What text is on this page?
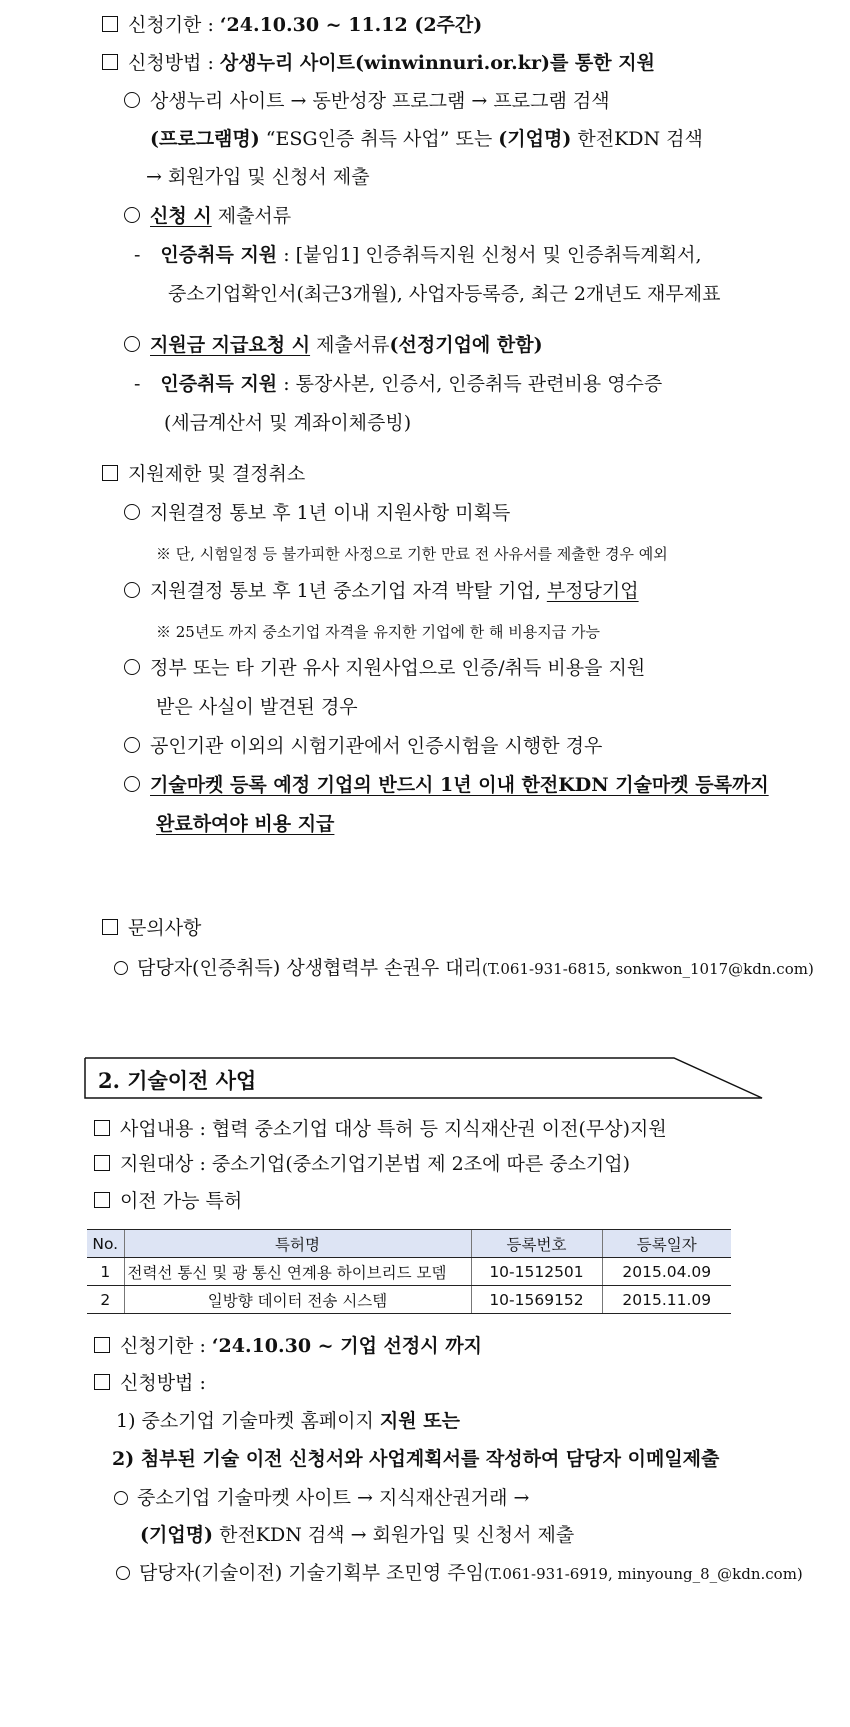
신청기한 : ‘24.10.30 ~ 11.12 (2주간)
신청방법 : 상생누리 사이트(winwinnuri.or.kr)를 통한 지원
상생누리 사이트 → 동반성장 프로그램 → 프로그램 검색
(프로그램명) “ESG인증 취득 사업” 또는 (기업명) 한전KDN 검색
→ 회원가입 및 신청서 제출
신청 시 제출서류
- 인증취득 지원 : [붙임1] 인증취득지원 신청서 및 인증취득계획서,
중소기업확인서(최근3개월), 사업자등록증, 최근 2개년도 재무제표
지원금 지급요청 시 제출서류(선정기업에 한함)
- 인증취득 지원 : 통장사본, 인증서, 인증취득 관련비용 영수증
(세금계산서 및 계좌이체증빙)
지원제한 및 결정취소
지원결정 통보 후 1년 이내 지원사항 미획득
※ 단, 시험일정 등 불가피한 사정으로 기한 만료 전 사유서를 제출한 경우 예외
지원결정 통보 후 1년 중소기업 자격 박탈 기업, 부정당기업
※ 25년도 까지 중소기업 자격을 유지한 기업에 한 해 비용지급 가능
정부 또는 타 기관 유사 지원사업으로 인증/취득 비용을 지원
받은 사실이 발견된 경우
공인기관 이외의 시험기관에서 인증시험을 시행한 경우
기술마켓 등록 예정 기업의 반드시 1년 이내 한전KDN 기술마켓 등록까지
완료하여야 비용 지급
문의사항
담당자(인증취득) 상생협력부 손권우 대리(T.061-931-6815, sonkwon_1017@kdn.com)
2. 기술이전 사업
사업내용 : 협력 중소기업 대상 특허 등 지식재산권 이전(무상)지원
지원대상 : 중소기업(중소기업기본법 제 2조에 따른 중소기업)
이전 가능 특허
No.	특허명	등록번호	등록일자
1	전력선 통신 및 광 통신 연계용 하이브리드 모뎀	10-1512501	2015.04.09
2	일방향 데이터 전송 시스템	10-1569152	2015.11.09
신청기한 : ‘24.10.30 ~ 기업 선정시 까지
신청방법 :
1) 중소기업 기술마켓 홈페이지 지원 또는
2) 첨부된 기술 이전 신청서와 사업계획서를 작성하여 담당자 이메일제출
중소기업 기술마켓 사이트 → 지식재산권거래 →
(기업명) 한전KDN 검색 → 회원가입 및 신청서 제출
담당자(기술이전) 기술기획부 조민영 주임(T.061-931-6919, minyoung_8_@kdn.com)
